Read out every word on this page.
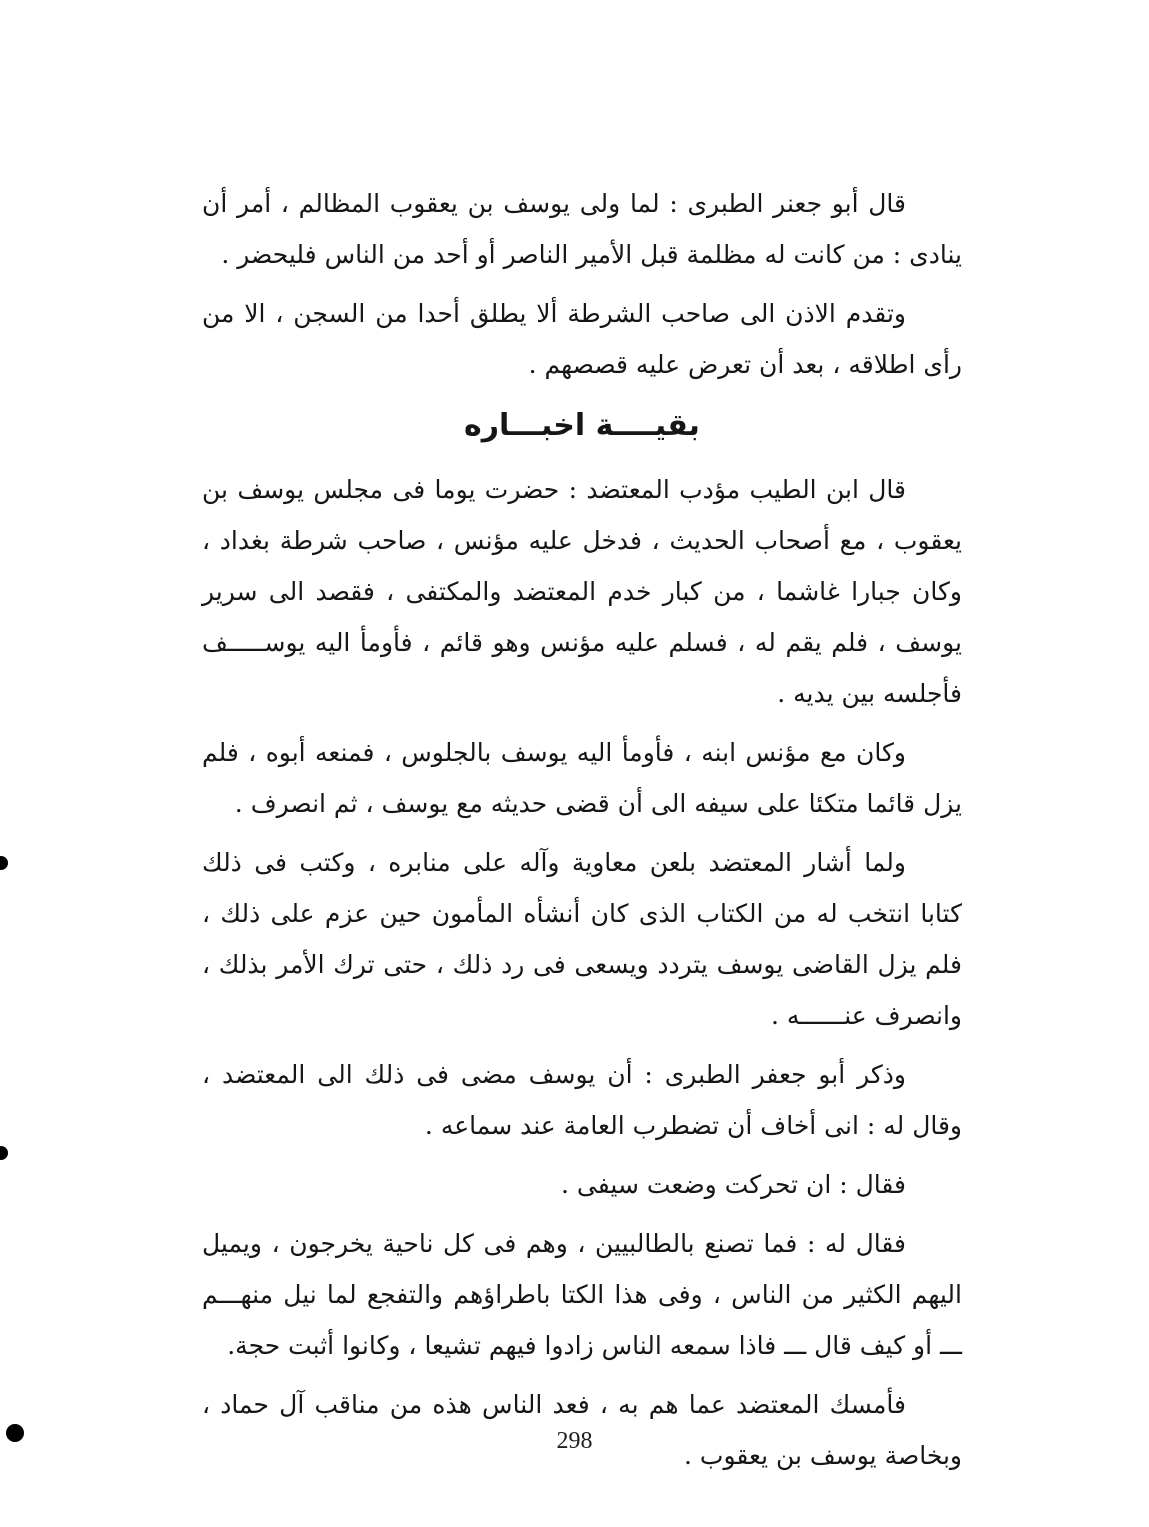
قال أبو جعنر الطبرى : لما ولى يوسف بن يعقوب المظالم ، أمر أن ينادى : من كانت له مظلمة قبل الأمير الناصر أو أحد من الناس فليحضر .

وتقدم الاذن الى صاحب الشرطة ألا يطلق أحدا من السجن ، الا من رأى اطلاقه ، بعد أن تعرض عليه قصصهم .

بقيــــة اخبـــاره

قال ابن الطيب مؤدب المعتضد : حضرت يوما فى مجلس يوسف بن يعقوب ، مع أصحاب الحديث ، فدخل عليه مؤنس ، صاحب شرطة بغداد ، وكان جبارا غاشما ، من كبار خدم المعتضد والمكتفى ، فقصد الى سرير يوسف ، فلم يقم له ، فسلم عليه مؤنس وهو قائم ، فأومأ اليه يوســـــف فأجلسه بين يديه .

وكان مع مؤنس ابنه ، فأومأ اليه يوسف بالجلوس ، فمنعه أبوه ، فلم يزل قائما متكئا على سيفه الى أن قضى حديثه مع يوسف ، ثم انصرف .

ولما أشار المعتضد بلعن معاوية وآله على منابره ، وكتب فى ذلك كتابا انتخب له من الكتاب الذى كان أنشأه المأمون حين عزم على ذلك ، فلم يزل القاضى يوسف يتردد ويسعى فى رد ذلك ، حتى ترك الأمر بذلك ، وانصرف عنــــــه .

وذكر أبو جعفر الطبرى : أن يوسف مضى فى ذلك الى المعتضد ، وقال له : انى أخاف أن تضطرب العامة عند سماعه .

فقال : ان تحركت وضعت سيفى .

فقال له : فما تصنع بالطالبيين ، وهم فى كل ناحية يخرجون ، ويميل اليهم الكثير من الناس ، وفى هذا الكتا باطراؤهم والتفجع لما نيل منهـــم ـــ أو كيف قال ـــ فاذا سمعه الناس زادوا فيهم تشيعا ، وكانوا أثبت حجة.

فأمسك المعتضد عما هم به ، فعد الناس هذه من مناقب آل حماد ، وبخاصة يوسف بن يعقوب .

298
